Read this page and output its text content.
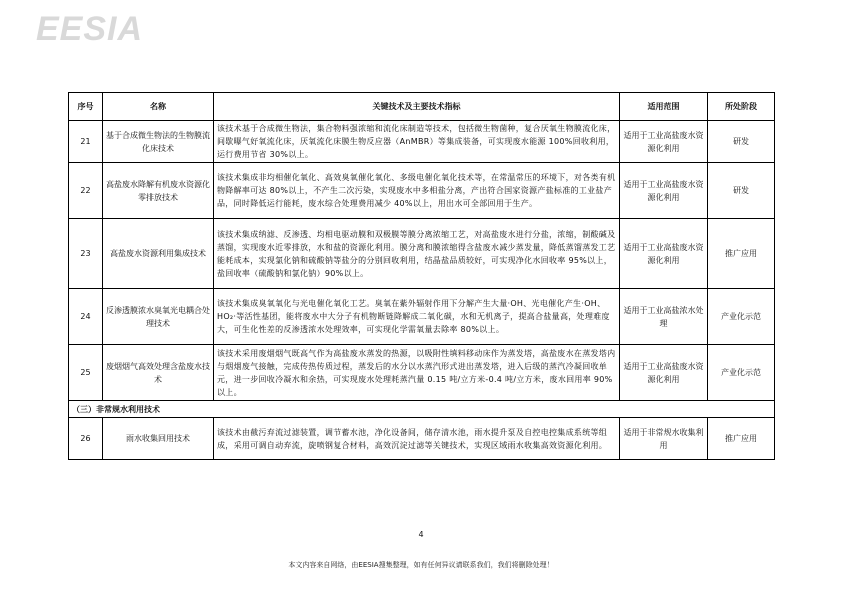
EESIA
序号	名称	关键技术及主要技术指标	适用范围	所处阶段
21	基于合成微生物法的生物膜流化床技术	该技术基于合成微生物法，集合物料强浓缩和流化床制造等技术，包括微生物菌种，复合厌氧生物膜流化床，间歇曝气好氧流化床，厌氧流化床膜生物反应器（AnMBR）等集成装备，可实现废水能源 100%回收利用，运行费用节省 30%以上。	适用于工业高盐废水资源化利用	研发
22	高盐废水降解有机废水资源化零排放技术	该技术集成非均相催化氧化、高效臭氧催化氧化、多级电催化氧化技术等，在常温常压的环境下，对各类有机物降解率可达 80%以上，不产生二次污染，实现废水中多相盐分离，产出符合国家资源产盐标准的工业盐产品，同时降低运行能耗，废水综合处理费用减少 40%以上，用出水可全部回用于生产。	适用于工业高盐废水资源化利用	研发
23	高盐废水资源利用集成技术	该技术集成纳滤、反渗透、均相电驱动膜和双极膜等膜分离浓缩工艺，对高盐废水进行分盐，浓缩，制酸碱及蒸馏，实现废水近零排放，水和盐的资源化利用。膜分离和膜浓缩得含盐废水减少蒸发量，降低蒸馏蒸发工艺能耗成本，实现氯化钠和硫酸钠等盐分的分别回收利用，结晶盐品质较好，可实现净化水回收率 95%以上，盐回收率（硫酸钠和氯化钠）90%以上。	适用于工业高盐废水资源化利用	推广应用
24	反渗透膜浓水臭氧光电耦合处理技术	该技术集成臭氧氧化与光电催化氧化工艺。臭氧在紫外辐射作用下分解产生大量·OH、光电催化产生·OH、HO₂·等活性基团，能将废水中大分子有机物断链降解成二氧化碳，水和无机离子，提高合盐量高，处理难度大，可生化性差的反渗透浓水处理效率，可实现化学需氧量去除率 80%以上。	适用于工业高盐浓水处理	产业化示范
25	废烟烟气高效处理含盐废水技术	该技术采用废烟烟气既高气作为高盐废水蒸发的热源，以吸附性填料移动床作为蒸发塔，高盐废水在蒸发塔内与烟烟废气接触，完成传热传质过程，蒸发后的水分以水蒸汽形式进出蒸发塔，进入后级的蒸汽冷凝回收单元，进一步回收冷凝水和余热，可实现废水处理耗蒸汽量 0.15 吨/立方米-0.4 吨/立方米，废水回用率 90%以上。	适用于工业高盐废水资源化利用	产业化示范
（三）非常规水利用技术				
26	雨水收集回用技术	该技术由截污弃流过滤装置，调节蓄水池，净化设备间，储存清水池，雨水提升泵及自控电控集成系统等组成，采用可调自动弃流，旋喷钢复合材料，高效沉淀过滤等关键技术，实现区域雨水收集高效资源化利用。	适用于非常规水收集利用	推广应用
4
本文内容来自网络，由EESIA搜集整理，如有任何异议请联系我们，我们将删除处理！
